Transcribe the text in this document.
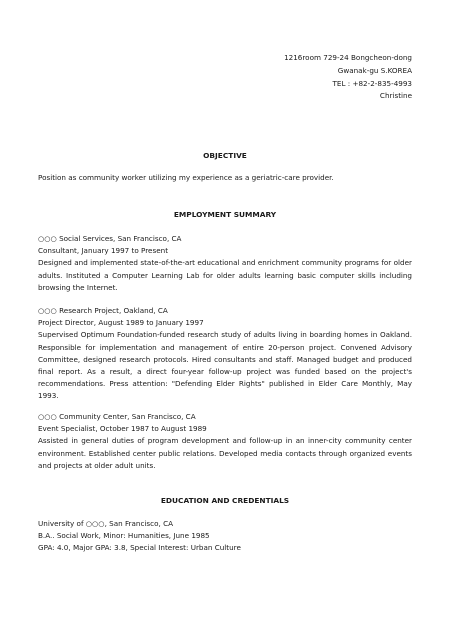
1216room 729-24 Bongcheon-dong
Gwanak-gu S.KOREA
TEL : +82-2-835-4993
Christine
OBJECTIVE
Position as community worker utilizing my experience as a geriatric-care provider.
EMPLOYMENT SUMMARY
○○○ Social Services, San Francisco, CA
Consultant, January 1997 to Present
Designed and implemented state-of-the-art educational and enrichment community programs for older adults. Instituted a Computer Learning Lab for older adults learning basic computer skills including browsing the Internet.
○○○ Research Project, Oakland, CA
Project Director, August 1989 to January 1997
Supervised Optimum Foundation-funded research study of adults living in boarding homes in Oakland. Responsible for implementation and management of entire 20-person project. Convened Advisory Committee, designed research protocols. Hired consultants and staff. Managed budget and produced final report. As a result, a direct four-year follow-up project was funded based on the project's recommendations. Press attention: "Defending Elder Rights" published in Elder Care Monthly, May 1993.
○○○ Community Center, San Francisco, CA
Event Specialist, October 1987 to August 1989
Assisted in general duties of program development and follow-up in an inner-city community center environment. Established center public relations. Developed media contacts through organized events and projects at older adult units.
EDUCATION AND CREDENTIALS
University of ○○○, San Francisco, CA
B.A.. Social Work, Minor: Humanities, June 1985
GPA: 4.0, Major GPA: 3.8, Special Interest: Urban Culture
